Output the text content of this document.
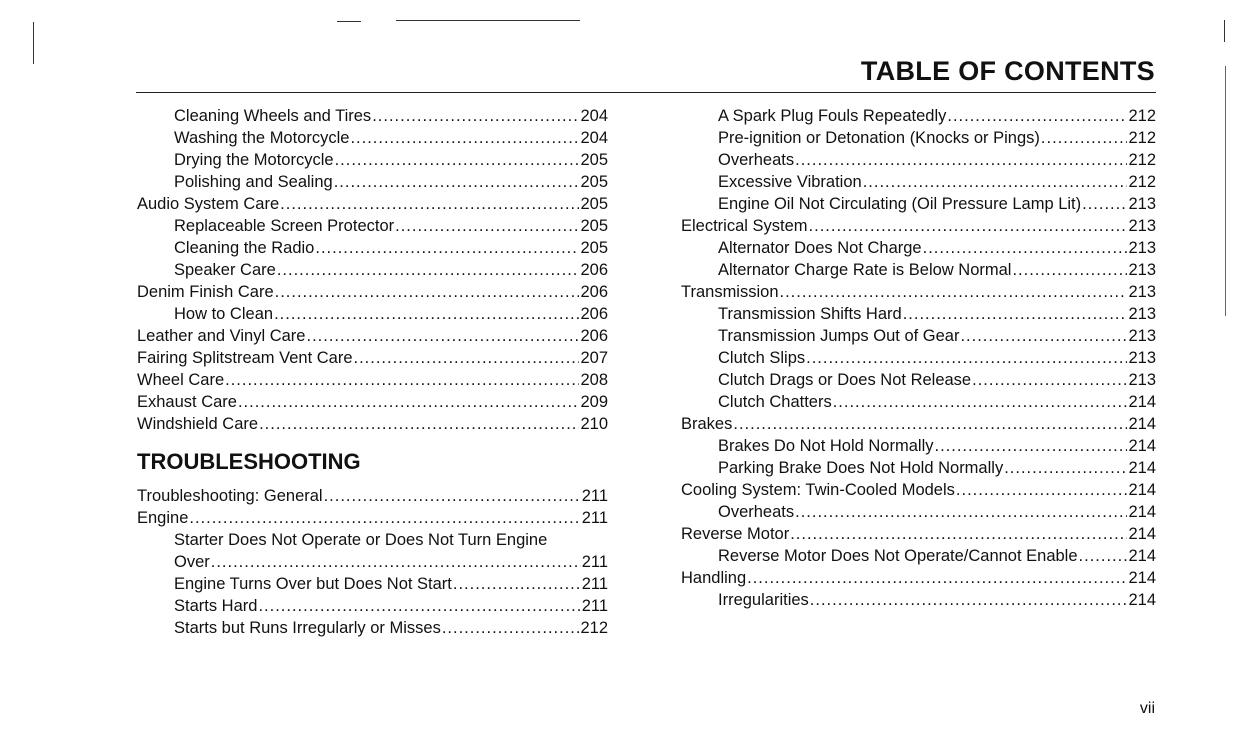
TABLE OF CONTENTS
Cleaning Wheels and Tires .....	204
Washing the Motorcycle .....	204
Drying the Motorcycle .....	205
Polishing and Sealing .....	205
Audio System Care .....	205
Replaceable Screen Protector .....	205
Cleaning the Radio .....	205
Speaker Care .....	206
Denim Finish Care .....	206
How to Clean .....	206
Leather and Vinyl Care .....	206
Fairing Splitstream Vent Care .....	207
Wheel Care .....	208
Exhaust Care .....	209
Windshield Care .....	210
TROUBLESHOOTING
Troubleshooting: General .....	211
Engine .....	211
Starter Does Not Operate or Does Not Turn Engine
Over .....	211
Engine Turns Over but Does Not Start .....	211
Starts Hard .....	211
Starts but Runs Irregularly or Misses .....	212
A Spark Plug Fouls Repeatedly .....	212
Pre-ignition or Detonation (Knocks or Pings) .....	212
Overheats .....	212
Excessive Vibration .....	212
Engine Oil Not Circulating (Oil Pressure Lamp Lit) .....	213
Electrical System .....	213
Alternator Does Not Charge .....	213
Alternator Charge Rate is Below Normal .....	213
Transmission .....	213
Transmission Shifts Hard .....	213
Transmission Jumps Out of Gear .....	213
Clutch Slips .....	213
Clutch Drags or Does Not Release .....	213
Clutch Chatters .....	214
Brakes .....	214
Brakes Do Not Hold Normally .....	214
Parking Brake Does Not Hold Normally .....	214
Cooling System: Twin-Cooled Models .....	214
Overheats .....	214
Reverse Motor .....	214
Reverse Motor Does Not Operate/Cannot Enable .....	214
Handling .....	214
Irregularities .....	214
vii
